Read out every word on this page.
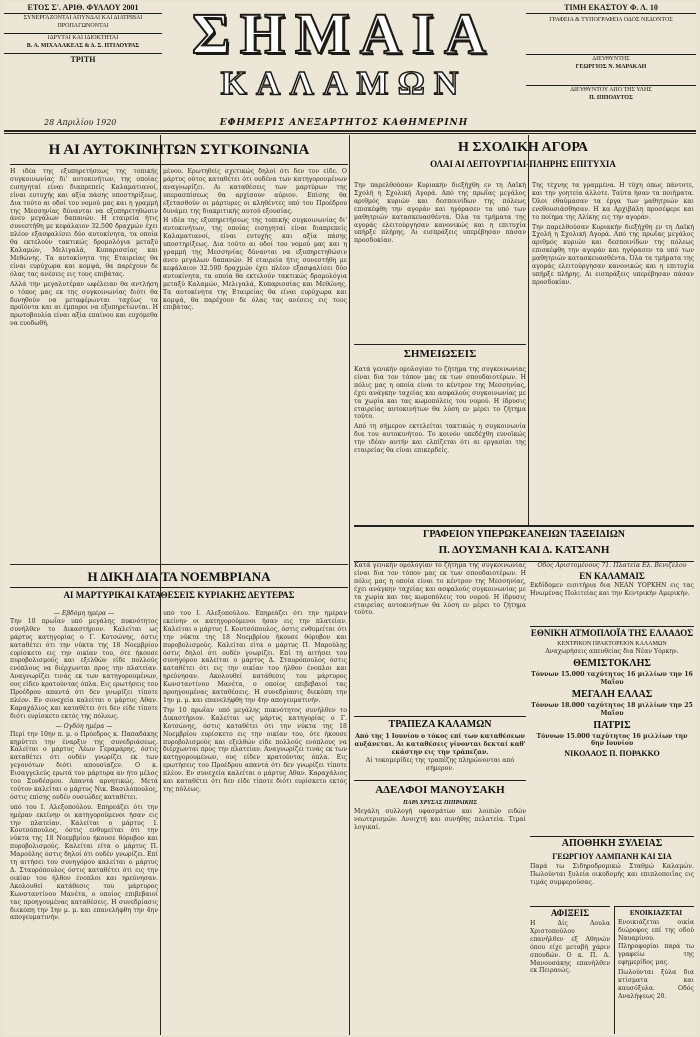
ΕΤΟΣ Σ'. ΑΡΙΘ. ΦΥΛΛΟΥ 2001
ΣΥΝΕΡΓΑΖΟΝΤΑΙ ΑΠΥΝΔΑΙ ΚΑΙ ΔΙΑΤΡΙΒΑΙ
ΠΡΟΠΑΓΩΝΟΝΤΑΙ
ΙΔΡΥΤΑΙ ΚΑΙ ΙΔΙΟΚΤΗΤΑΙ
Β. Α. ΜΙΧΑΛΑΚΕΑΣ & Δ. Σ. ΠΤΙΛΟΥΡΑΣ
ΤΡΙΤΗ	ΣΗΜΑΙΑ
ΚΑΛΑΜΩΝ
ΤΙΜΗ ΕΚΑΣΤΟΥ Φ. Λ. 10
ΓΡΑΦΕΙΑ & ΤΥΠΟΓΡΑΦΕΙΑ ΟΔΟΣ ΝΕΔΟΝΤΟΣ
ΔΙΕΥΘΥΝΤΗΣ
ΓΕΩΡΓΙΟΣ Ν. ΜΑΡΑΚΑΗ
ΔΙΕΥΘΥΝΤΟΥ ΑΠΟ ΤΗΣ ΥΛΗΣ
Π. ΙΠΠΟΔΥΤΟΣ
28 Απριλίου 1920	ΕΦΗΜΕΡΙΣ ΑΝΕΞΑΡΤΗΤΟΣ ΚΑΘΗΜΕΡΙΝΗ
Η ΑΙ ΑΥΤΟΚΙΝΗΤΩΝ ΣΥΓΚΟΙΝΩΝΙΑ
Η ιδέα της εξυπηρετήσεως της τοπικής συγκοινωνίας δι' αυτοκινήτων, της οποίας εισηγηταί είναι διαπρεπείς Καλαματιανοί, είναι ευτυχής και αξία πάσης υποστηρίξεως. Δια τούτο αι οδοί του νομού μας και η γραμμή της Μεσσηνίας δύνανται να εξυπηρετηθώσιν άνευ μεγάλων δαπανών. Η εταιρεία ήτις συνεστήθη με κεφάλαιον 32.500 δραχμών έχει πλέον εξασφαλίσει δύο αυτοκίνητα, τα οποία θα εκτελούν τακτικώς δρομολόγια μεταξύ Καλαμών, Μελιγαλά, Κυπαρισσίας και Μεθώνης. Τα αυτοκίνητα της Εταιρείας θα είναι ευρύχωρα και κομψά, θα παρέχουν δε όλας τας ανέσεις εις τους επιβάτας.

Αλλά την μεγαλυτέραν ωφέλειαν θα αντλήση ο τόπος μας εκ της συγκοινωνίας διότι θα δυνηθούν να μεταφέρωνται ταχέως τα προϊόντα και αι έμποροι να εξυπηρετώνται. Η πρωτοβουλία είναι αξία επαίνου και ευχόμεθα να ευοδωθή.

μένου. Ερωτηθείς σχετικώς δηλοί ότι δεν τον είδε. Ο μάρτυς ούτος καταθέτει ότι ουδένα των κατηγορουμένων αναγνωρίζει. Αι καταθέσεις των μαρτύρων της υπερασπίσεως θα αρχίσουν αύριον. Επίσης θα εξετασθούν οι μάρτυρες οι κληθέντες υπό του Προέδρου δυνάμει της διακριτικής αυτού εξουσίας.

Η ιδέα της εξυπηρετήσεως της τοπικής συγκοινωνίας δι' αυτοκινήτων, της οποίας εισηγηταί είναι διαπρεπείς Καλαματιανοί, είναι ευτυχής και αξία πάσης υποστηρίξεως. Δια τούτο αι οδοί του νομού μας και η γραμμή της Μεσσηνίας δύνανται να εξυπηρετηθώσιν άνευ μεγάλων δαπανών. Η εταιρεία ήτις συνεστήθη με κεφάλαιον 32.500 δραχμών έχει πλέον εξασφαλίσει δύο αυτοκίνητα, τα οποία θα εκτελούν τακτικώς δρομολόγια μεταξύ Καλαμών, Μελιγαλά, Κυπαρισσίας και Μεθώνης. Τα αυτοκίνητα της Εταιρείας θα είναι ευρύχωρα και κομψά, θα παρέχουν δε όλας τας ανέσεις εις τους επιβάτας.

Η ΔΙΚΗ ΔΙΑ ΤΑ ΝΟΕΜΒΡΙΑΝΑ
ΑΙ ΜΑΡΤΥΡΙΚΑΙ ΚΑΤΑΘΕΣΕΙΣ ΚΥΡΙΑΚΗΣ ΔΕΥΤΕΡΑΣ
— Εβδόμη ημέρα —
Την 10 πρωΐαν υπό μεγάλης πυκνότητος συνήλθεν το Δικαστήριον. Καλείται ως μάρτυς κατηγορίας ο Γ. Κοτσώνης, όστις καταθέτει ότι την νύκτα της 18 Νοεμβρίου ευρίσκετο εις την οικίαν του, ότε ήκουσε πυροβολισμούς και εξελθών είδε πολλούς ενόπλους να διέρχωνται προς την πλατείαν. Αναγνωρίζει τινάς εκ των κατηγορουμένων, ους είδεν κρατούντας όπλα. Εις ερωτήσεις του Προέδρου απαντά ότι δεν γνωρίζει τίποτε πλέον. Εν συνεχεία καλείται ο μάρτυς Αθαν. Καραχάλιος και καταθέτει ότι δεν είδε τίποτε διότι ευρίσκετο εκτός της πόλεως.
— Ογδόη ημέρα —
Περί την 10ην π. μ. ο Πρόεδρος κ. Παπαδάκης κηρύττει την έναρξιν της συνεδριάσεως. Καλείται ο μάρτυς Λέων Γεραμάρης, όστις καταθέτει ότι ουδέν γνωρίζει εκ των γεγονότων διότι απουσίαζεν. Ο κ. Εισαγγελεύς ερωτά τον μάρτυρα αν ήτο μέλος του Συνδέσμου. Απαντά αρνητικώς. Μετά τούτον καλείται ο μάρτυς Νικ. Βασιλόπουλος, όστις επίσης ουδέν ουσιώδες καταθέτει.

υπό του Ι. Αλεξοπούλου. Επηρεάζει ότι την ημέραν εκείνην οι κατηγορούμενοι ήσαν εις την πλατείαν. Καλείται ο μάρτυς Ι. Κουτσόπουλος, όστις ενθυμείται ότι την νύκτα της 18 Νοεμβρίου ήκουσε θόρυβον και πυροβολισμούς. Καλείται είτα ο μάρτυς Π. Μαρούλης όστις δηλοί ότι ουδέν γνωρίζει. Επί τη αιτήσει του συνηγόρου καλείται ο μάρτυς Δ. Σταυρόπουλος όστις καταθέτει ότι εις την οικίαν του ήλθον ένοπλοι και ηρεύνησαν. Ακολουθεί κατάθεσις του μάρτυρος Κωνσταντίνου Μανέτα, ο οποίος επιβεβαιοί τας προηγουμένας καταθέσεις. Η συνεδρίασις διεκόπη την 1ην μ. μ. και επανελήφθη την 4ην απογευματινήν.

υπό του Ι. Αλεξοπούλου. Επηρεάζει ότι την ημέραν εκείνην οι κατηγορούμενοι ήσαν εις την πλατείαν. Καλείται ο μάρτυς Ι. Κουτσόπουλος, όστις ενθυμείται ότι την νύκτα της 18 Νοεμβρίου ήκουσε θόρυβον και πυροβολισμούς. Καλείται είτα ο μάρτυς Π. Μαρούλης όστις δηλοί ότι ουδέν γνωρίζει. Επί τη αιτήσει του συνηγόρου καλείται ο μάρτυς Δ. Σταυρόπουλος όστις καταθέτει ότι εις την οικίαν του ήλθον ένοπλοι και ηρεύνησαν. Ακολουθεί κατάθεσις του μάρτυρος Κωνσταντίνου Μανέτα, ο οποίος επιβεβαιοί τας προηγουμένας καταθέσεις. Η συνεδρίασις διεκόπη την 1ην μ. μ. και επανελήφθη την 4ην απογευματινήν.

Την 10 πρωΐαν υπό μεγάλης πυκνότητος συνήλθεν το Δικαστήριον. Καλείται ως μάρτυς κατηγορίας ο Γ. Κοτσώνης, όστις καταθέτει ότι την νύκτα της 18 Νοεμβρίου ευρίσκετο εις την οικίαν του, ότε ήκουσε πυροβολισμούς και εξελθών είδε πολλούς ενόπλους να διέρχωνται προς την πλατείαν. Αναγνωρίζει τινάς εκ των κατηγορουμένων, ους είδεν κρατούντας όπλα. Εις ερωτήσεις του Προέδρου απαντά ότι δεν γνωρίζει τίποτε πλέον. Εν συνεχεία καλείται ο μάρτυς Αθαν. Καραχάλιος και καταθέτει ότι δεν είδε τίποτε διότι ευρίσκετο εκτός της πόλεως.

Η ΣΧΟΛΙΚΗ ΑΓΟΡΑ
ΟΛΑΙ ΑΙ ΛΕΙΤΟΥΡΓΙΑΙ-ΠΛΗΡΗΣ ΕΠΙΤΥΧΙΑ
Την παρελθούσαν Κυριακήν διεξήχθη εν τη Λαϊκή Σχολή η Σχολική Αγορά. Από της πρωΐας μεγάλος αριθμός κυριών και δεσποινίδων της πόλεως επισκέφθη την αγοράν και ηγόρασεν τα υπό των μαθητριών κατασκευασθέντα. Όλα τα τμήματα της αγοράς ελειτούργησαν κανονικώς και η επιτυχία υπήρξε πλήρης. Αι εισπράξεις υπερέβησαν πάσαν προσδοκίαν.
Της τέχνης τα γραμμένα. Η τύχη όπως πάντοτε, και την γοητεία άλλοτε. Ταύτα ήσαν τα ποιήματα. Όλοι εθαύμασαν τα έργα των μαθητριών και ενεθουσιάσθησαν. Η κα Αρχιβάλη προσέφερε και το ποίημα της Αλίκης εις την αγοράν.

Την παρελθούσαν Κυριακήν διεξήχθη εν τη Λαϊκή Σχολή η Σχολική Αγορά. Από της πρωΐας μεγάλος αριθμός κυριών και δεσποινίδων της πόλεως επισκέφθη την αγοράν και ηγόρασεν τα υπό των μαθητριών κατασκευασθέντα. Όλα τα τμήματα της αγοράς ελειτούργησαν κανονικώς και η επιτυχία υπήρξε πλήρης. Αι εισπράξεις υπερέβησαν πάσαν προσδοκίαν.

ΣΗΜΕΙΩΣΕΙΣ
Κατά γενικήν ομολογίαν το ζήτημα της συγκοινωνίας είναι δια τον τόπον μας εκ των σπουδαιοτέρων. Η πόλις μας η οποία είναι το κέντρον της Μεσσηνίας, έχει ανάγκην ταχείας και ασφαλούς συγκοινωνίας με τα χωρία και τας κωμοπόλεις του νομού. Η ίδρυσις εταιρείας αυτοκινήτων θα λύση εν μέρει το ζήτημα τούτο.

Από τη σήμερον εκτελείται τακτικώς η συγκοινωνία δια του αυτοκινήτου. Το κοινόν υπεδέχθη ευνοϊκώς την ιδέαν αυτήν και ελπίζεται ότι αι εργασίαι της εταιρείας θα είναι επικερδείς.

Κατά γενικήν ομολογίαν το ζήτημα της συγκοινωνίας είναι δια τον τόπον μας εκ των σπουδαιοτέρων. Η πόλις μας η οποία είναι το κέντρον της Μεσσηνίας, έχει ανάγκην ταχείας και ασφαλούς συγκοινωνίας με τα χωρία και τας κωμοπόλεις του νομού. Η ίδρυσις εταιρείας αυτοκινήτων θα λύση εν μέρει το ζήτημα τούτο.
ΤΡΑΠΕΖΑ ΚΑΛΑΜΩΝ
Από της 1 Ιουνίου ο τόκος επί των καταθέσεων αυξάνεται. Αι καταθέσεις γίνονται δεκταί καθ' εκάστην εις την τράπεζαν.
Αί τοκομερίδες της τραπέζης πληρώνονται από σήμερον.
ΑΔΕΛΦΟΙ ΜΑΝΟΥΣΑΚΗ
ΠΑΡΑ ΧΡΥΣΑΣ ΠΙΠΡΑΙΚΗΣ
Μεγάλη συλλογή υφασμάτων και λοιπών ειδών νεωτερισμών. Ανοιχτή και συνήθης πελατεία. Τιμαί λογικαί.
ΓΡΑΦΕΙΟΝ ΥΠΕΡΩΚΕΑΝΕΙΩΝ ΤΑΞΕΙΔΙΩΝ
Π. ΔΟΥΣΜΑΝΗ ΚΑΙ Δ. ΚΑΤΣΑΝΗ
Οδός Αριστομένους 71. Πλατεία Ελ. Βενιζέλου
ΕΝ ΚΑΛΑΜΑΙΣ
Εκδίδομεν εισιτήρια δια ΝΕΑΝ ΥΟΡΚΗΝ εις τας Ηνωμένας Πολιτείας και την Κεντρικήν Αμερικήν.
ΕΘΝΙΚΗ ΑΤΜΟΠΛΟΪΑ ΤΗΣ ΕΛΛΑΔΟΣ
ΚΕΝΤΡΙΚΟΝ ΠΡΑΚΤΟΡΕΙΟΝ ΚΑΛΑΜΩΝ
Αναχωρήσεις απευθείας δια Νέαν Υόρκην.
ΘΕΜΙΣΤΟΚΛΗΣ
Τόννων 15.000 ταχύτητος 16 μιλλίων την 16 Μαΐου
ΜΕΓΑΛΗ ΕΛΛΑΣ
Τόννων 18.000 ταχύτητος 18 μιλλίων την 25 Μαΐου
ΠΑΤΡΙΣ
Τόννων 15.000 ταχύτητος 16 μιλλίων την 6ην Ιουνίου
ΝΙΚΟΛΑΟΣ Π. ΠΟΡΑΚΚΟ
ΑΠΟΘΗΚΗ ΞΥΛΕΙΑΣ
ΓΕΩΡΓΙΟΥ ΛΑΜΠΑΝΗ ΚΑΙ ΣΙΑ
Παρά τω Σιδηροδρομικώ Σταθμώ Καλαμών. Πωλούνται ξυλεία οικοδομής και επιπλοποιΐας εις τιμάς συμφερούσας.
ΑΦΙΞΕΙΣ
Η Δίς Αουλα Χριστοπούλου επανήλθεν εξ Αθηνών όπου είχε μεταβή χάριν σπουδών. Ο κ. Π. Α. Μανουσάκης επανήλθεν εκ Πειραιώς.
ΕΝΟΙΚΙΑΖΕΤΑΙ
Ενοικιάζεται οικία διώροφος επί της οδού Ναυαρίνου. Πληροφορίαι παρά τω γραφείω της εφημερίδος μας.
Πωλούνται ξύλα δια κτίσματα και καυσόξυλα. Οδός Αναλήψεως 20.
